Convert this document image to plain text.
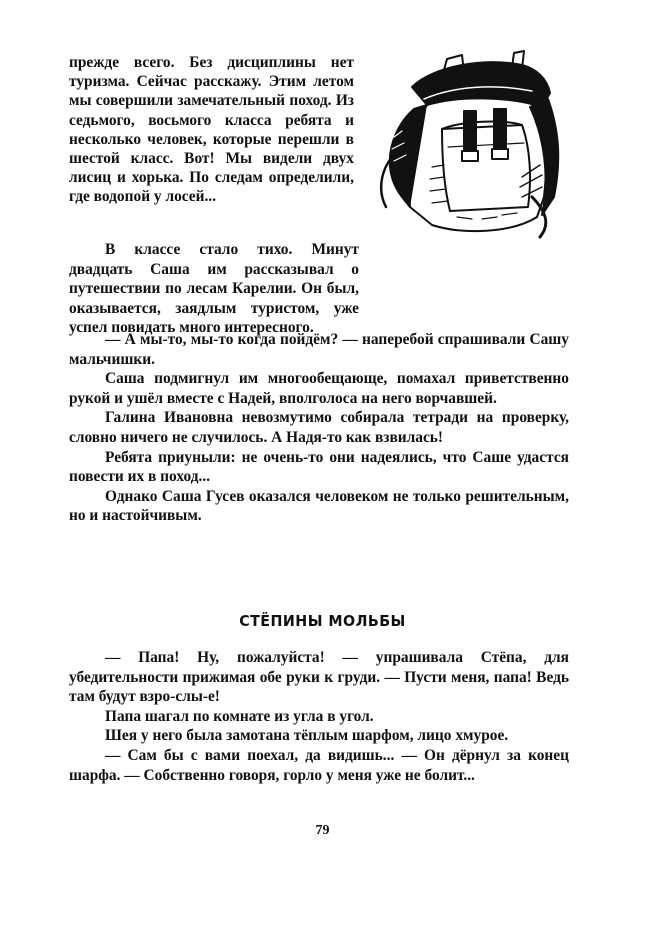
прежде всего. Без дисциплины нет туризма. Сейчас расскажу. Этим летом мы совершили замечательный поход. Из седьмого, восьмого класса ребята и несколько человек, которые перешли в шестой класс. Вот! Мы видели двух лисиц и хорька. По следам определили, где водопой у лосей...

В классе стало тихо. Минут двадцать Саша им рассказывал о путешествии по лесам Карелии. Он был, оказывается, заядлым туристом, уже успел повидать много интересного.

— А мы-то, мы-то когда пойдём? — наперебой спрашивали Сашу мальчишки.

Саша подмигнул им многообещающе, помахал приветственно рукой и ушёл вместе с Надей, вполголоса на него ворчавшей.

Галина Ивановна невозмутимо собирала тетради на проверку, словно ничего не случилось. А Надя-то как взвилась!

Ребята приуныли: не очень-то они надеялись, что Саше удастся повести их в поход...

Однако Саша Гусев оказался человеком не только решительным, но и настойчивым.

СТЁПИНЫ МОЛЬБЫ

— Папа! Ну, пожалуйста! — упрашивала Стёпа, для убедительности прижимая обе руки к груди. — Пусти меня, папа! Ведь там будут взро-слы-е!

Папа шагал по комнате из угла в угол.

Шея у него была замотана тёплым шарфом, лицо хмурое.

— Сам бы с вами поехал, да видишь... — Он дёрнул за конец шарфа. — Собственно говоря, горло у меня уже не болит...

79
